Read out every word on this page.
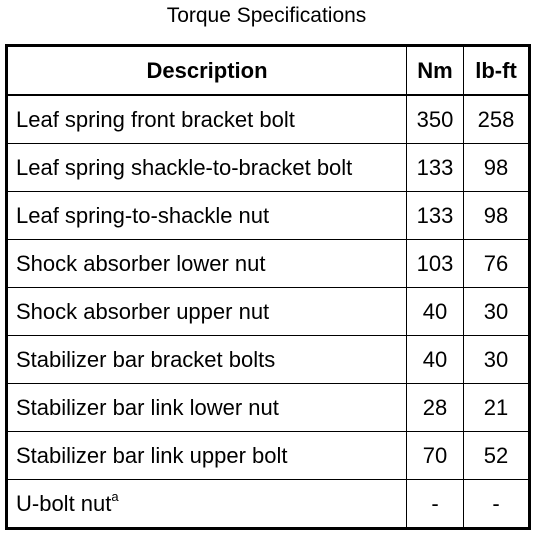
Torque Specifications
Description	Nm	lb-ft
Leaf spring front bracket bolt	350	258
Leaf spring shackle-to-bracket bolt	133	98
Leaf spring-to-shackle nut	133	98
Shock absorber lower nut	103	76
Shock absorber upper nut	40	30
Stabilizer bar bracket bolts	40	30
Stabilizer bar link lower nut	28	21
Stabilizer bar link upper bolt	70	52
U-bolt nut$^a$	-	-
